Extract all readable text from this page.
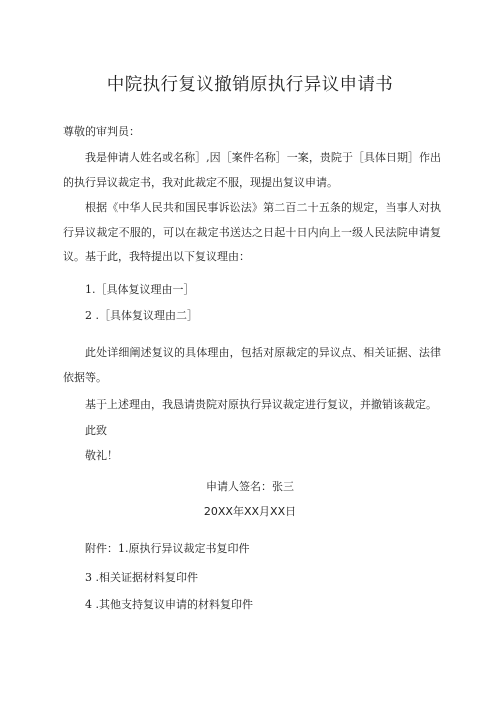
中院执行复议撤销原执行异议申请书
尊敬的审判员：
我是伸请人姓名或名称］,因［案件名称］一案，贵院于［具体日期］作出的执行异议裁定书，我对此裁定不服，现提出复议申请。
根据《中华人民共和国民事诉讼法》第二百二十五条的规定，当事人对执行异议裁定不服的，可以在裁定书送达之日起十日内向上一级人民法院申请复议。基于此，我特提出以下复议理由：
1.［具体复议理由一］
2 .［具体复议理由二］
此处详细阐述复议的具体理由，包括对原裁定的异议点、相关证据、法律依据等。
基于上述理由，我恳请贵院对原执行异议裁定进行复议，并撤销该裁定。
此致
敬礼！
申请人签名：张三
20XX年XX月XX日
附件：1.原执行异议裁定书复印件
3 .相关证据材料复印件
4 .其他支持复议申请的材料复印件
